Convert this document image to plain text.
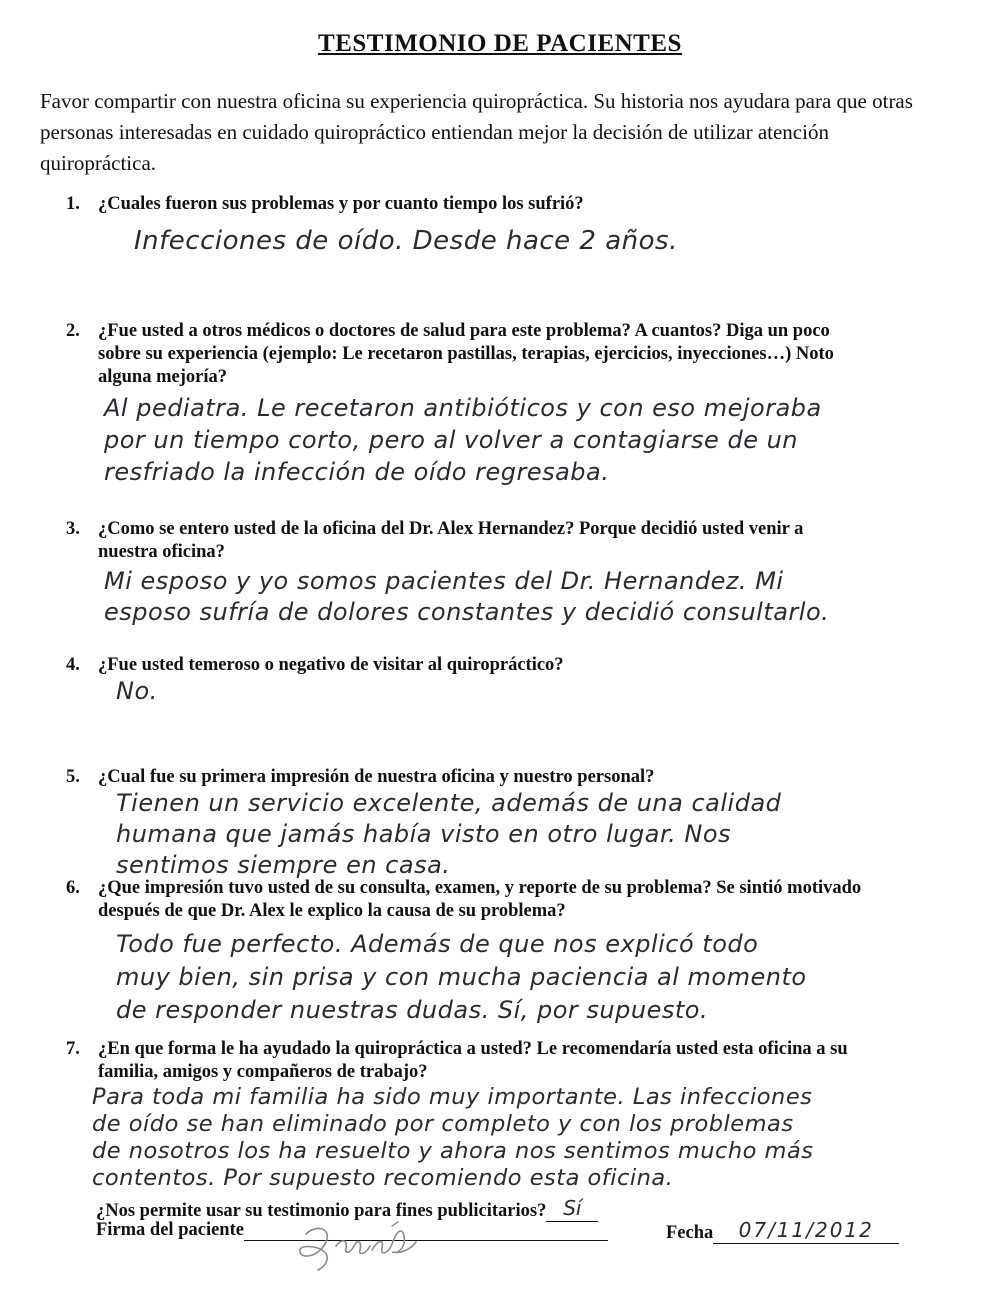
TESTIMONIO DE PACIENTES
Favor compartir con nuestra oficina su experiencia quiropráctica. Su historia nos ayudara para que otras personas interesadas en cuidado quiropráctico entiendan mejor la decisión de utilizar atención quiropráctica.
1. ¿Cuales fueron sus problemas y por cuanto tiempo los sufrió?
Infecciones de oído. Desde hace 2 años.
2. ¿Fue usted a otros médicos o doctores de salud para este problema? A cuantos? Diga un poco
sobre su experiencia (ejemplo: Le recetaron pastillas, terapias, ejercicios, inyecciones…) Noto
alguna mejoría?
Al pediatra. Le recetaron antibióticos y con eso mejoraba
por un tiempo corto, pero al volver a contagiarse de un
resfriado la infección de oído regresaba.
3. ¿Como se entero usted de la oficina del Dr. Alex Hernandez? Porque decidió usted venir a
nuestra oficina?
Mi esposo y yo somos pacientes del Dr. Hernandez. Mi
esposo sufría de dolores constantes y decidió consultarlo.
4. ¿Fue usted temeroso o negativo de visitar al quiropráctico?
No.
5. ¿Cual fue su primera impresión de nuestra oficina y nuestro personal?
Tienen un servicio excelente, además de una calidad
humana que jamás había visto en otro lugar. Nos
sentimos siempre en casa.
6. ¿Que impresión tuvo usted de su consulta, examen, y reporte de su problema? Se sintió motivado
después de que Dr. Alex le explico la causa de su problema?
Todo fue perfecto. Además de que nos explicó todo
muy bien, sin prisa y con mucha paciencia al momento
de responder nuestras dudas. Sí, por supuesto.
7. ¿En que forma le ha ayudado la quiropráctica a usted? Le recomendaría usted esta oficina a su
familia, amigos y compañeros de trabajo?
Para toda mi familia ha sido muy importante. Las infecciones
de oído se han eliminado por completo y con los problemas
de nosotros los ha resuelto y ahora nos sentimos mucho más
contentos. Por supuesto recomiendo esta oficina.
¿Nos permite usar su testimonio para fines publicitarios? Sí
Firma del paciente	Fecha 07/11/2012
